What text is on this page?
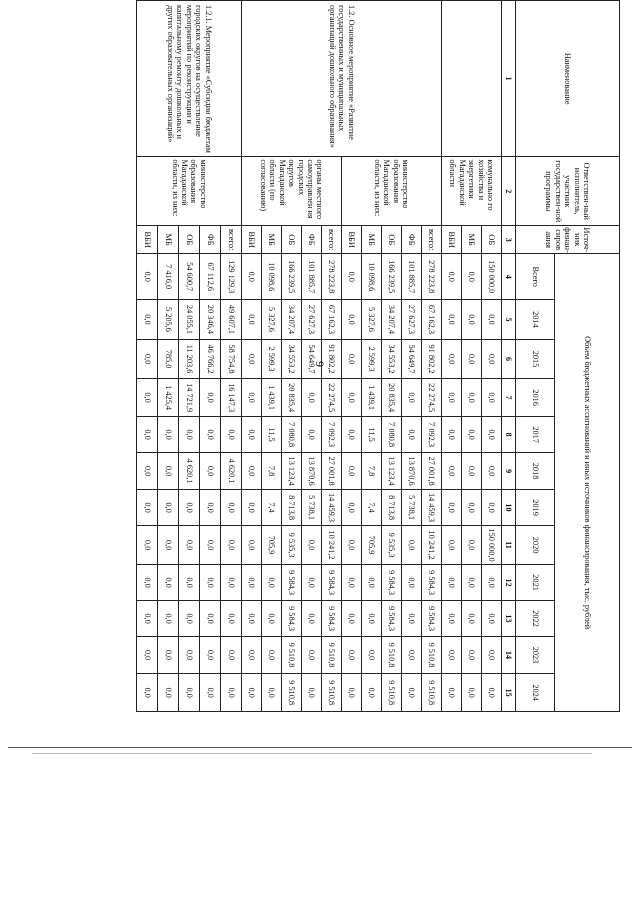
9
Наименование	Ответствен-ный исполнитель, участник государствен-ной программы	Источ-ник финан-сиров ания	Объем бюджетных ассигнований и иных источников финансирования, тыс. рублей											
			Всего	2014	2015	2016	2017	2018	2019	2020	2021	2022	2023	2024
1	2	3	4	5	6	7	8	9	10	11	12	13	14	15
	комунально го хозяйства и энергетики Магаданской области	ОБ	150 000,0	0,0	0,0	0,0	0,0	0,0	0,0	150 000,0	0,0	0,0	0,0	0,0
		МБ	0,0	0,0	0,0	0,0	0,0	0,0	0,0	0,0	0,0	0,0	0,0	0,0
		ВБИ	0,0	0,0	0,0	0,0	0,0	0,0	0,0	0,0	0,0	0,0	0,0	0,0
1.2. Основное мероприятие «Развитие государственных и муниципальных организаций дошкольного образования»	министерство образования Магаданской области, из них:	всего:	278 223,8	67 162,3	91 802,2	22 274,5	7 092,3	27 001,8	14 459,3	10 241,2	9 584,3	9 584,3	9 510,8	9 510,8
		ФБ	101 885,7	27 627,3	54 649,7	0,0	0,0	13 870,6	5 738,1	0,0	0,0	0,0	0,0	0,0
		ОБ	166 239,5	34 207,4	34 553,2	20 835,4	7 080,8	13 123,4	8 713,8	9 535,3	9 584,3	9 584,3	9 510,8	9 510,8
		МБ	10 098,6	5 327,6	2 599,3	1 439,1	11,5	7,8	7,4	705,9	0,0	0,0	0,0	0,0
		ВБИ	0,0	0,0	0,0	0,0	0,0	0,0	0,0	0,0	0,0	0,0	0,0	0,0
	органы местного самоуправлен ия городских округов Магаданской области (по согласованию)	всего:	278 223,8	67 162,3	91 802,2	22 274,5	7 092,3	27 001,8	14 459,3	10 241,2	9 584,3	9 584,3	9 510,8	9 510,8
		ФБ	101 885,7	27 627,3	54 649,7	0,0	0,0	13 870,6	5 738,1	0,0	0,0	0,0	0,0	0,0
		ОБ	166 239,5	34 207,4	34 553,2	20 835,4	7 080,8	13 123,4	8 713,8	9 535,3	9 584,3	9 584,3	9 510,8	9 510,8
		МБ	10 098,6	5 327,6	2 599,3	1 439,1	11,5	7,8	7,4	705,9	0,0	0,0	0,0	0,0
		ВБИ	0,0	0,0	0,0	0,0	0,0	0,0	0,0	0,0	0,0	0,0	0,0	0,0
1.2.1. Мероприятие «Субсидии бюджетам городских округов на осуществление мероприятий по реконструкции и капитальному ремонту дошкольных и других образовательных организаций»	министерство образования Магаданской области, из них:	всего:	129 129,3	49 607,1	58 754,8	16 147,3	0,0	4 620,1	0,0	0,0	0,0	0,0	0,0	0,0
		ФБ	67 112,6	20 346,4	46 766,2	0,0	0,0	0,0	0,0	0,0	0,0	0,0	0,0	0,0
		ОБ	54 600,7	24 055,1	11 203,6	14 721,9	0,0	4 620,1	0,0	0,0	0,0	0,0	0,0	0,0
		МБ	7 416,0	5 205,6	785,0	1 425,4	0,0	0,0	0,0	0,0	0,0	0,0	0,0	0,0
		ВБИ	0,0	0,0	0,0	0,0	0,0	0,0	0,0	0,0	0,0	0,0	0,0	0,0
